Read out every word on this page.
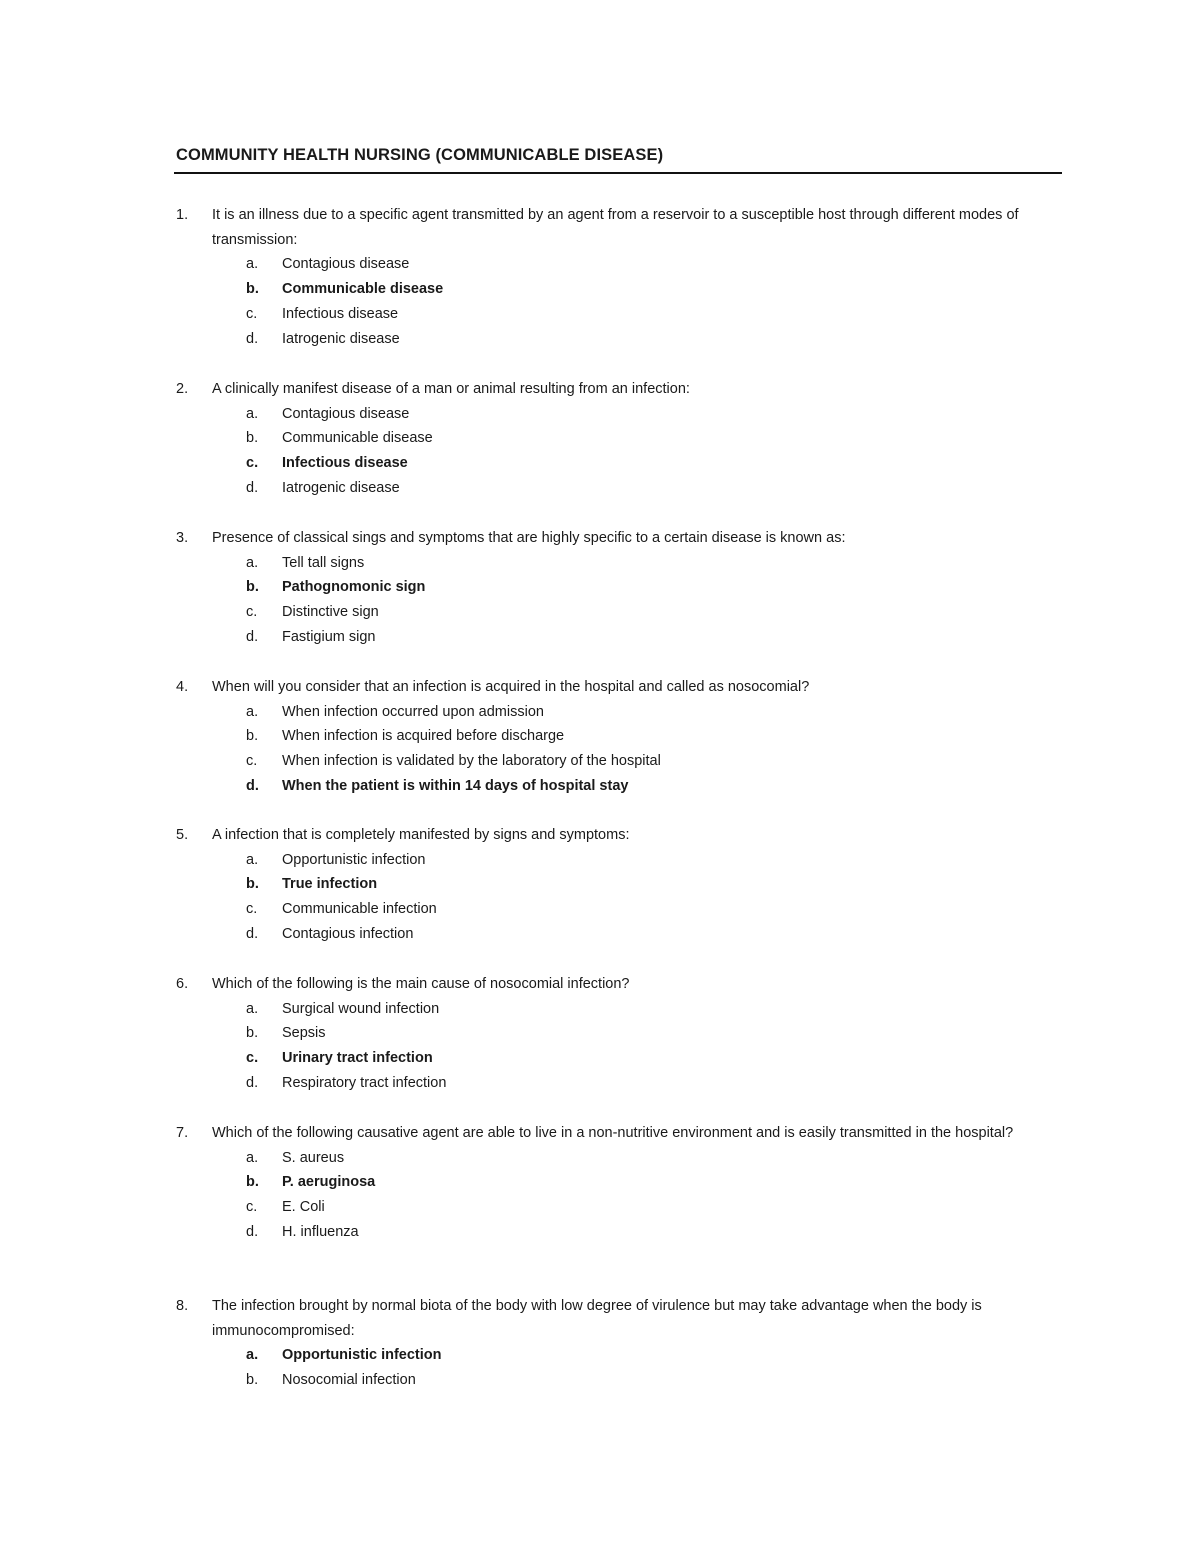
COMMUNITY HEALTH NURSING (COMMUNICABLE DISEASE)
1.	It is an illness due to a specific agent transmitted by an agent from a reservoir to a susceptible host through different modes of transmission:
a.	Contagious disease
b.	Communicable disease
c.	Infectious disease
d.	Iatrogenic disease
2.	A clinically manifest disease of a man or animal resulting from an infection:
a.	Contagious disease
b.	Communicable disease
c.	Infectious disease
d.	Iatrogenic disease
3.	Presence of classical sings and symptoms that are highly specific to a certain disease is known as:
a.	Tell tall signs
b.	Pathognomonic sign
c.	Distinctive sign
d.	Fastigium sign
4.	When will you consider that an infection is acquired in the hospital and called as nosocomial?
a.	When infection occurred upon admission
b.	When infection is acquired before discharge
c.	When infection is validated by the laboratory of the hospital
d.	When the patient is within 14 days of hospital stay
5.	A infection that is completely manifested by signs and symptoms:
a.	Opportunistic infection
b.	True infection
c.	Communicable infection
d.	Contagious infection
6.	Which of the following is the main cause of nosocomial infection?
a.	Surgical wound infection
b.	Sepsis
c.	Urinary tract infection
d.	Respiratory tract infection
7.	Which of the following causative agent are able to live in a non-nutritive environment and is easily transmitted in the hospital?
a.	S. aureus
b.	P. aeruginosa
c.	E. Coli
d.	H. influenza
8.	The infection brought by normal biota of the body with low degree of virulence but may take advantage when the body is immunocompromised:
a.	Opportunistic infection
b.	Nosocomial infection
